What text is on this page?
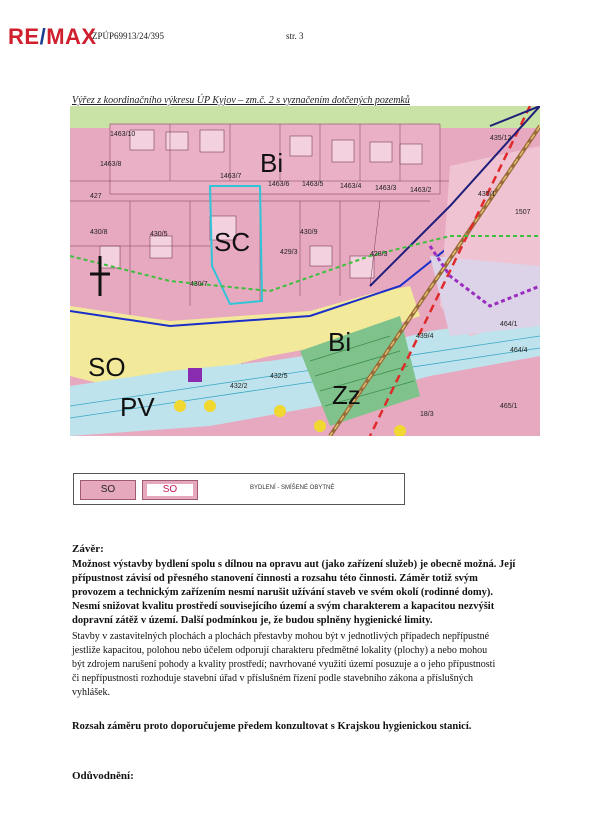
RE/MAX
ZPÚP69913/24/395	str. 3
Výřez z koordinačního výkresu ÚP Kyjov – zm.č. 2 s vyznačením dotčených pozemků
Bi
SC
Bi
SO
PV	Zz
1463/10
1463/8
1463/7
1463/6 1463/5 1463/4 1463/3 1463/2
427
430/8	430/5	430/9
429/3	428/3
435/12
435/1
430/7
439/4
432/2
432/5
464/1
464/4
18/3
465/1
1507
SO	SO	BYDLENÍ - SMÍŠENÉ OBYTNÉ
Závěr:
Možnost výstavby bydlení spolu s dílnou na opravu aut (jako zařízení služeb) je obecně možná. Její
přípustnost závisí od přesného stanovení činnosti a rozsahu této činnosti. Záměr totiž svým
provozem a technickým zařízením nesmí narušit užívání staveb ve svém okolí (rodinné domy).
Nesmí snižovat kvalitu prostředí souvisejícího území a svým charakterem a kapacitou nezvýšit
dopravní zátěž v území. Další podmínkou je, že budou splněny hygienické limity.
Stavby v zastavitelných plochách a plochách přestavby mohou být v jednotlivých případech nepřípustné
jestliže kapacitou, polohou nebo účelem odporují charakteru předmětné lokality (plochy) a nebo mohou
být zdrojem narušení pohody a kvality prostředí; navrhované využití území posuzuje a o jeho přípustnosti
či nepřípustnosti rozhoduje stavební úřad v příslušném řízení podle stavebního zákona a příslušných
vyhlášek.
Rozsah záměru proto doporučujeme předem konzultovat s Krajskou hygienickou stanicí.
Odůvodnění:
